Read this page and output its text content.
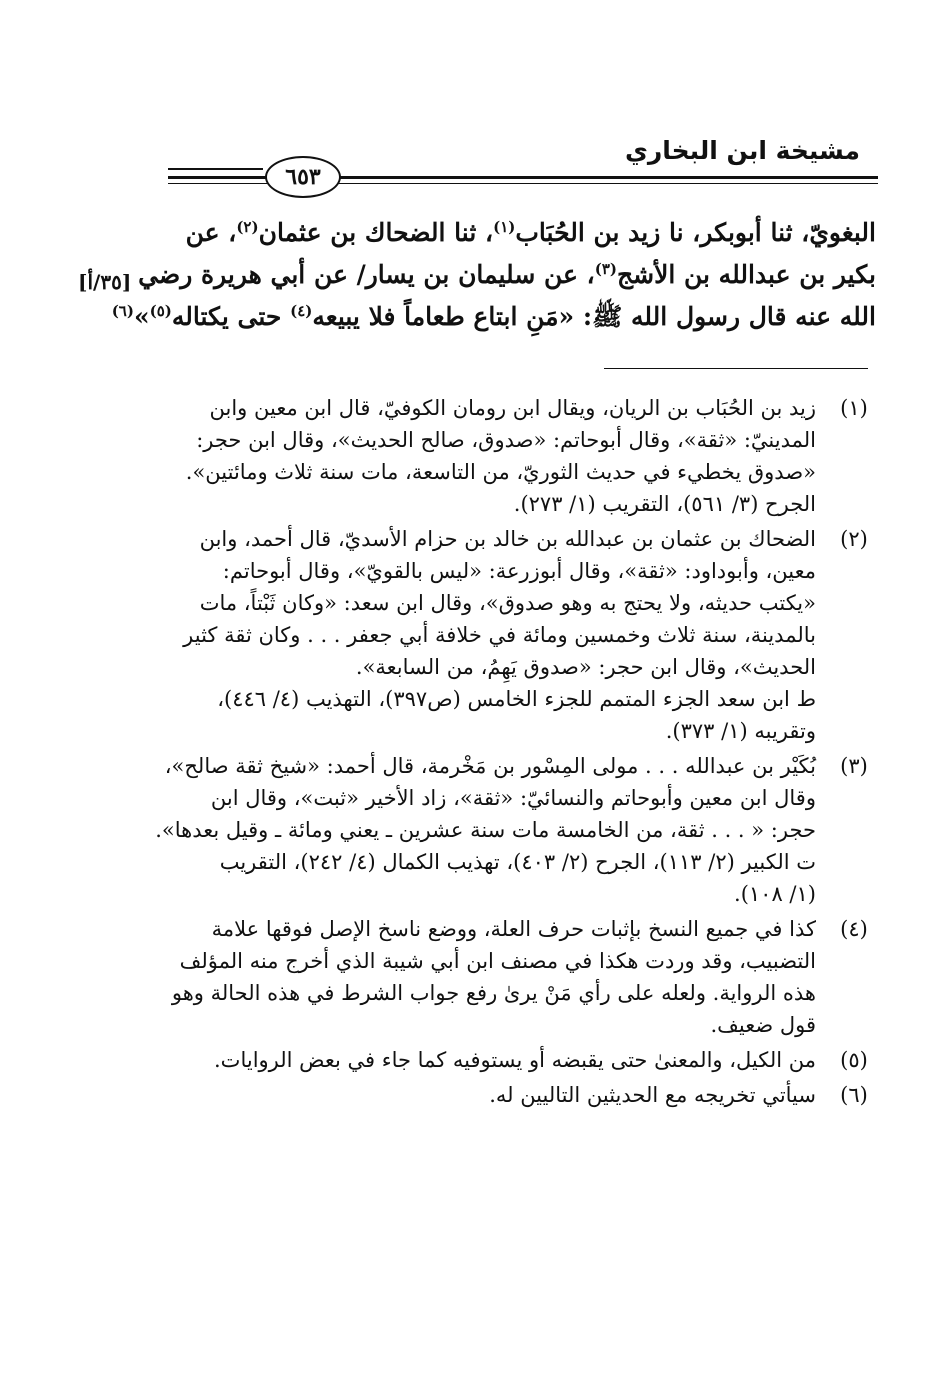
مشيخة ابن البخاري
٦٥٣
[٣٥/أ]

البغويّ، ثنا أبوبكر، نا زيد بن الحُبَاب$^{(١)}$، ثنا الضحاك بن عثمان$^{(٢)}$، عن

بكير بن عبدالله بن الأشج$^{(٣)}$، عن سليمان بن يسار/ عن أبي هريرة رضي

الله عنه قال رسول الله ﷺ: «مَنِ ابتاع طعاماً فلا يبيعه$^{(٤)}$ حتى يكتاله$^{(٥)}$»$^{(٦)}$

(١)
زيد بن الحُبَاب بن الريان، ويقال ابن رومان الكوفيّ، قال ابن معين وابن
المدينيّ: «ثقة»، وقال أبوحاتم: «صدوق، صالح الحديث»، وقال ابن حجر:
«صدوق يخطيء في حديث الثوريّ، من التاسعة، مات سنة ثلاث ومائتين».
الجرح (٣/ ٥٦١)، التقريب (١/ ٢٧٣).
(٢)
الضحاك بن عثمان بن عبدالله بن خالد بن حزام الأسديّ، قال أحمد، وابن
معين، وأبوداود: «ثقة»، وقال أبوزرعة: «ليس بالقويّ»، وقال أبوحاتم:
«يكتب حديثه، ولا يحتج به وهو صدوق»، وقال ابن سعد: «وكان ثَبْتاً، مات
بالمدينة، سنة ثلاث وخمسين ومائة في خلافة أبي جعفر . . . وكان ثقة كثير
الحديث»، وقال ابن حجر: «صدوق يَهِمُ، من السابعة».
ط ابن سعد الجزء المتمم للجزء الخامس (ص٣٩٧)، التهذيب (٤/ ٤٤٦)،
وتقريبه (١/ ٣٧٣).
(٣)
بُكَيْر بن عبدالله . . . مولى المِسْور بن مَخْرمة، قال أحمد: «شيخ ثقة صالح»،
وقال ابن معين وأبوحاتم والنسائيّ: «ثقة»، زاد الأخير «ثبت»، وقال ابن
حجر: « . . . ثقة، من الخامسة مات سنة عشرين ـ يعني ومائة ـ وقيل بعدها».
ت الكبير (٢/ ١١٣)، الجرح (٢/ ٤٠٣)، تهذيب الكمال (٤/ ٢٤٢)، التقريب
(١/ ١٠٨).
(٤)
كذا في جميع النسخ بإثبات حرف العلة، ووضع ناسخ الإصل فوقها علامة
التضبيب، وقد وردت هكذا في مصنف ابن أبي شيبة الذي أخرج منه المؤلف
هذه الرواية. ولعله على رأي مَنْ يرىٰ رفع جواب الشرط في هذه الحالة وهو
قول ضعيف.
(٥)
من الكيل، والمعنىٰ حتى يقبضه أو يستوفيه كما جاء في بعض الروايات.
(٦)
سيأتي تخريجه مع الحديثين التاليين له.
